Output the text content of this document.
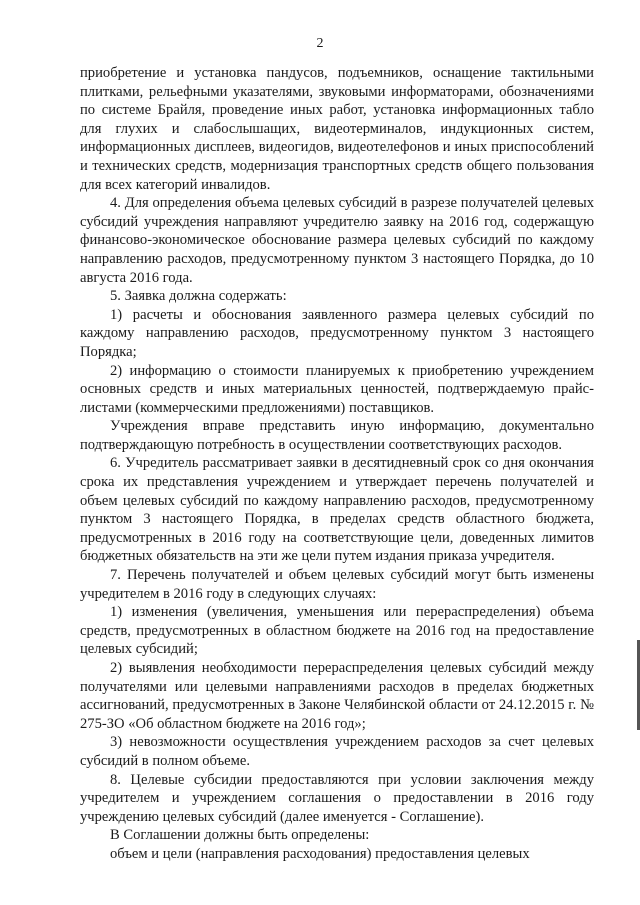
2

приобретение и установка пандусов, подъемников, оснащение тактильными плитками, рельефными указателями, звуковыми информаторами, обозначениями по системе Брайля, проведение иных работ, установка информационных табло для глухих и слабослышащих, видеотерминалов, индукционных систем, информационных дисплеев, видеогидов, видеотелефонов и иных приспособлений и технических средств, модернизация транспортных средств общего пользования для всех категорий инвалидов.

4. Для определения объема целевых субсидий в разрезе получателей целевых субсидий учреждения направляют учредителю заявку на 2016 год, содержащую финансово-экономическое обоснование размера целевых субсидий по каждому направлению расходов, предусмотренному пунктом 3 настоящего Порядка, до 10 августа 2016 года.

5. Заявка должна содержать:

1) расчеты и обоснования заявленного размера целевых субсидий по каждому направлению расходов, предусмотренному пунктом 3 настоящего Порядка;

2) информацию о стоимости планируемых к приобретению учреждением основных средств и иных материальных ценностей, подтверждаемую прайс-листами (коммерческими предложениями) поставщиков.

Учреждения вправе представить иную информацию, документально подтверждающую потребность в осуществлении соответствующих расходов.

6. Учредитель рассматривает заявки в десятидневный срок со дня окончания срока их представления учреждением и утверждает перечень получателей и объем целевых субсидий по каждому направлению расходов, предусмотренному пунктом 3 настоящего Порядка, в пределах средств областного бюджета, предусмотренных в 2016 году на соответствующие цели, доведенных лимитов бюджетных обязательств на эти же цели путем издания приказа учредителя.

7. Перечень получателей и объем целевых субсидий могут быть изменены учредителем в 2016 году в следующих случаях:

1) изменения (увеличения, уменьшения или перераспределения) объема средств, предусмотренных в областном бюджете на 2016 год на предоставление целевых субсидий;

2) выявления необходимости перераспределения целевых субсидий между получателями или целевыми направлениями расходов в пределах бюджетных ассигнований, предусмотренных в Законе Челябинской области от 24.12.2015 г. № 275-ЗО «Об областном бюджете на 2016 год»;

3) невозможности осуществления учреждением расходов за счет целевых субсидий в полном объеме.

8. Целевые субсидии предоставляются при условии заключения между учредителем и учреждением соглашения о предоставлении в 2016 году учреждению целевых субсидий (далее именуется - Соглашение).

В Соглашении должны быть определены:

объем и цели (направления расходования) предоставления целевых
